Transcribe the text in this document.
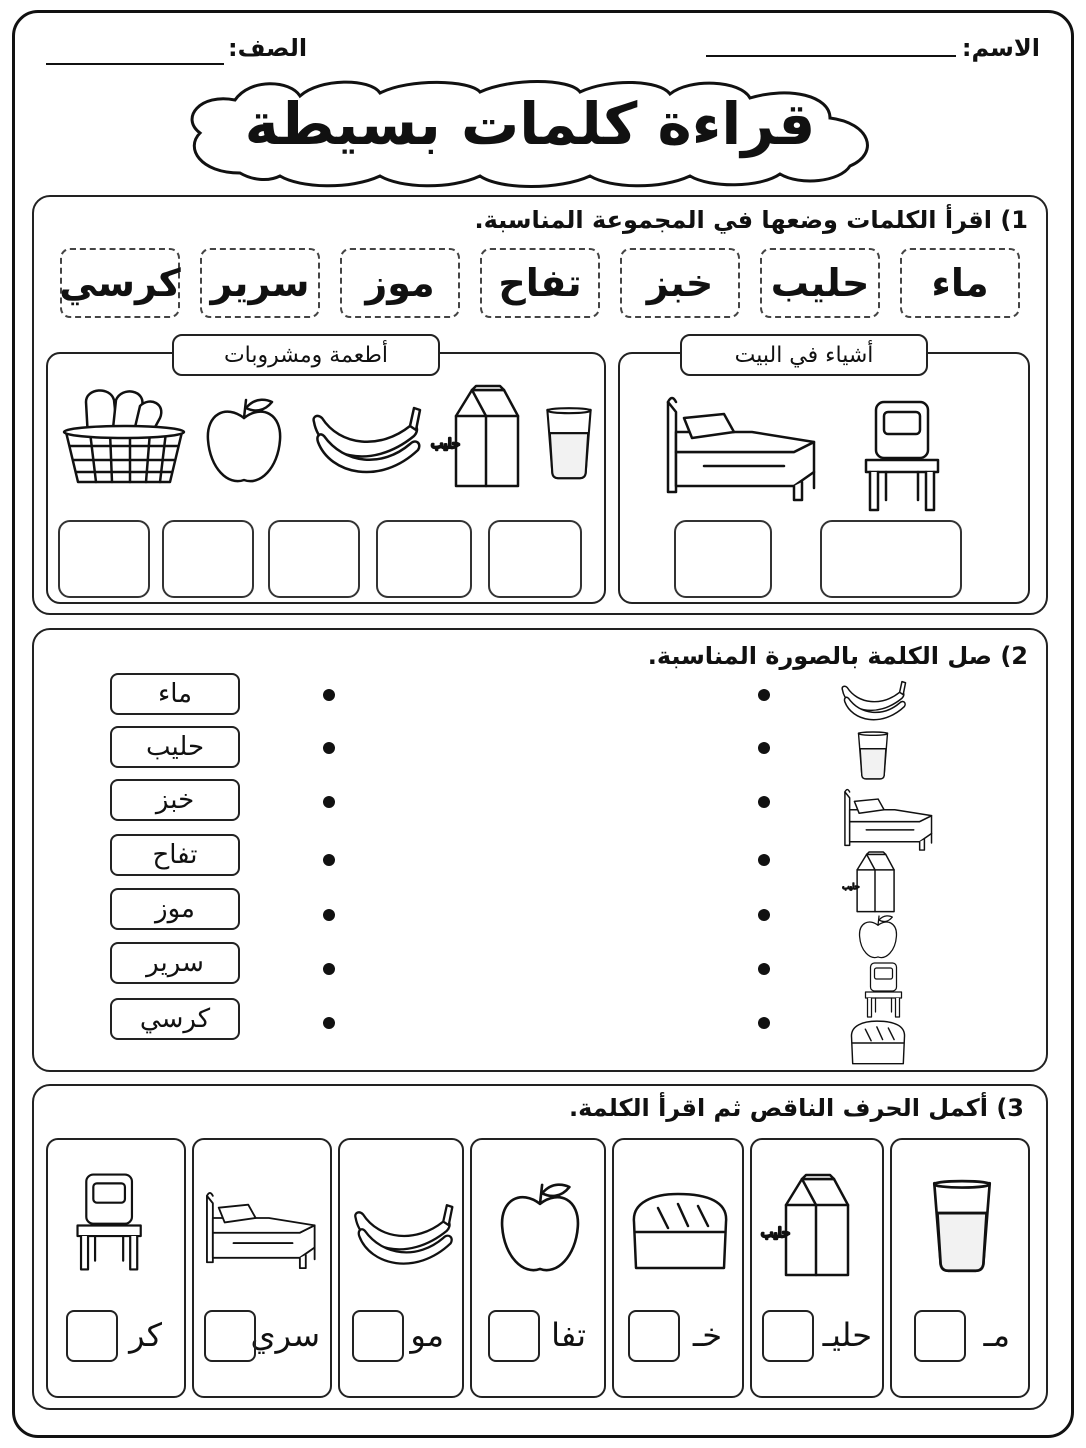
الاسم:
الصف:
قراءة كلمات بسيطة
1) اقرأ الكلمات وضعها في المجموعة المناسبة.
ماء
حليب
خبز
تفاح
موز
سرير
كرسي
أشياء في البيت
أطعمة ومشروبات
2) صل الكلمة بالصورة المناسبة.
ماء
حليب
خبز
تفاح
موز
سرير
كرسي
3) أكمل الحرف الناقص ثم اقرأ الكلمة.
مـ
حليـ
خـ
تفا
مو
سري
كر
